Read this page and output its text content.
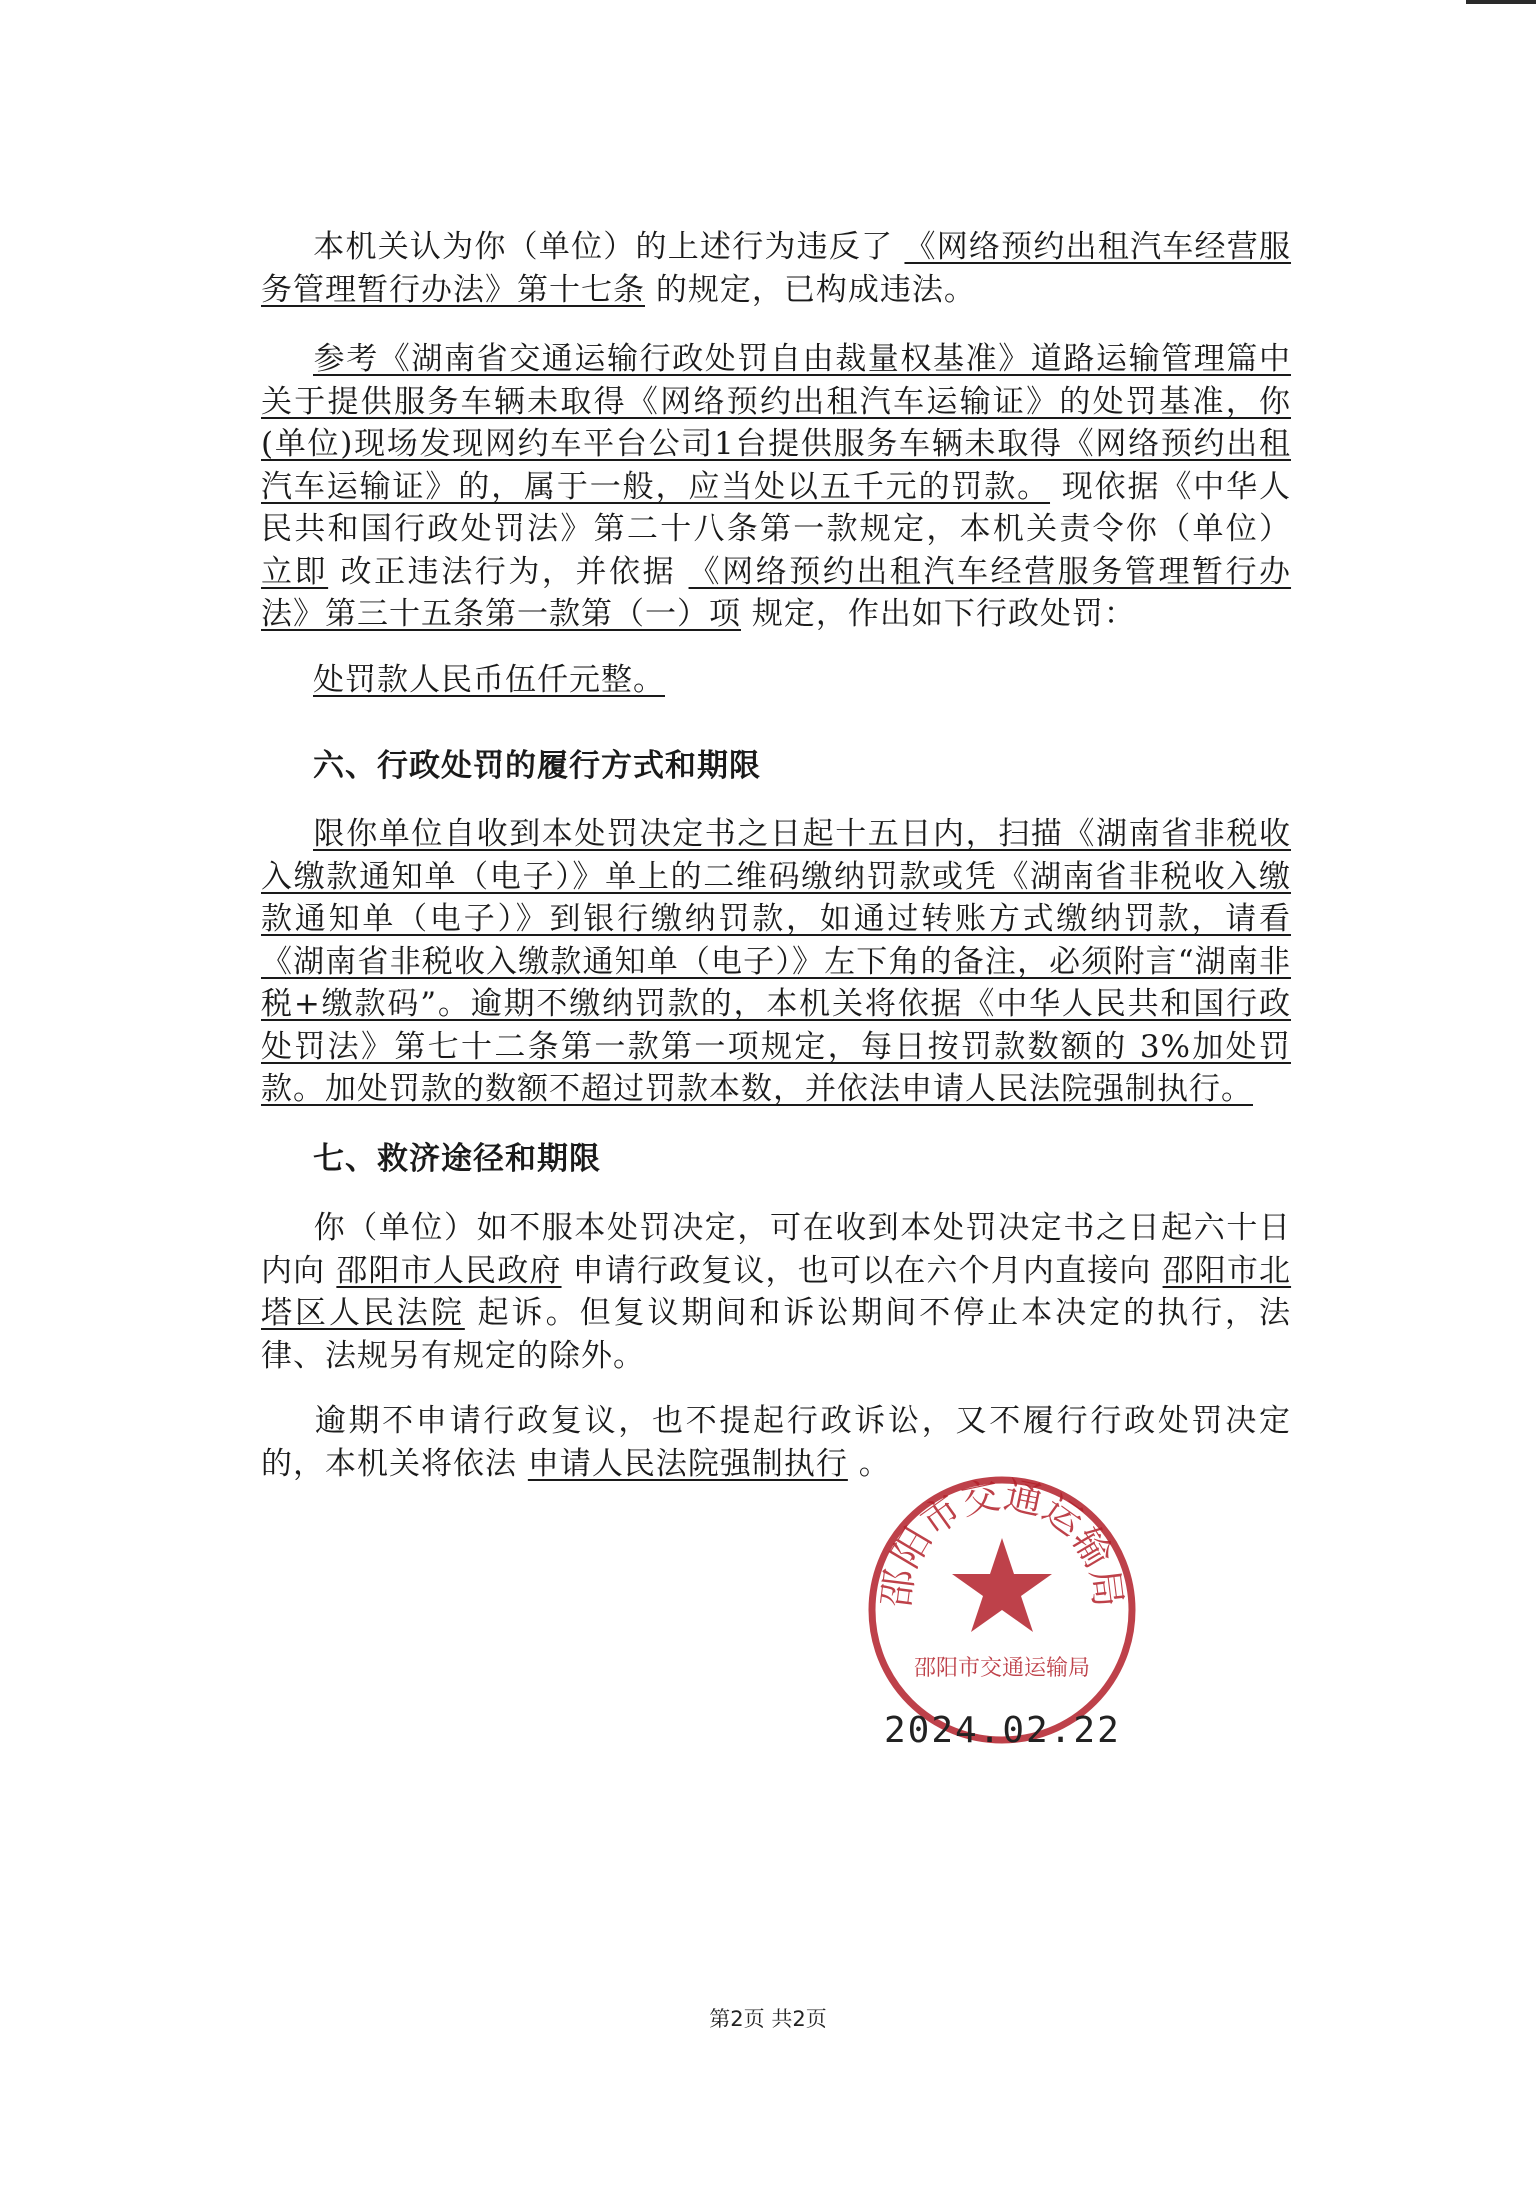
本机关认为你（单位）的上述行为违反了 《网络预约出租汽车经营服务管理暂行办法》第十七条 的规定，已构成违法。

参考《湖南省交通运输行政处罚自由裁量权基准》道路运输管理篇中关于提供服务车辆未取得《网络预约出租汽车运输证》的处罚基准，你(单位)现场发现网约车平台公司1台提供服务车辆未取得《网络预约出租汽车运输证》的，属于一般，应当处以五千元的罚款。 现依据《中华人民共和国行政处罚法》第二十八条第一款规定，本机关责令你（单位） 立即 改正违法行为，并依据 《网络预约出租汽车经营服务管理暂行办法》第三十五条第一款第（一）项 规定，作出如下行政处罚：

处罚款人民币伍仟元整。

六、行政处罚的履行方式和期限

限你单位自收到本处罚决定书之日起十五日内，扫描《湖南省非税收入缴款通知单（电子）》单上的二维码缴纳罚款或凭《湖南省非税收入缴款通知单（电子）》到银行缴纳罚款，如通过转账方式缴纳罚款，请看《湖南省非税收入缴款通知单（电子）》左下角的备注，必须附言“湖南非税+缴款码”。逾期不缴纳罚款的，本机关将依据《中华人民共和国行政处罚法》第七十二条第一款第一项规定，每日按罚款数额的 3%加处罚款。加处罚款的数额不超过罚款本数，并依法申请人民法院强制执行。

七、救济途径和期限

你（单位）如不服本处罚决定，可在收到本处罚决定书之日起六十日内向 邵阳市人民政府 申请行政复议，也可以在六个月内直接向 邵阳市北塔区人民法院 起诉。但复议期间和诉讼期间不停止本决定的执行，法律、法规另有规定的除外。

逾期不申请行政复议，也不提起行政诉讼，又不履行行政处罚决定的，本机关将依法 申请人民法院强制执行 。

邵阳市交通运输局
邵阳市交通运输局
2024.02.22
第2页 共2页
